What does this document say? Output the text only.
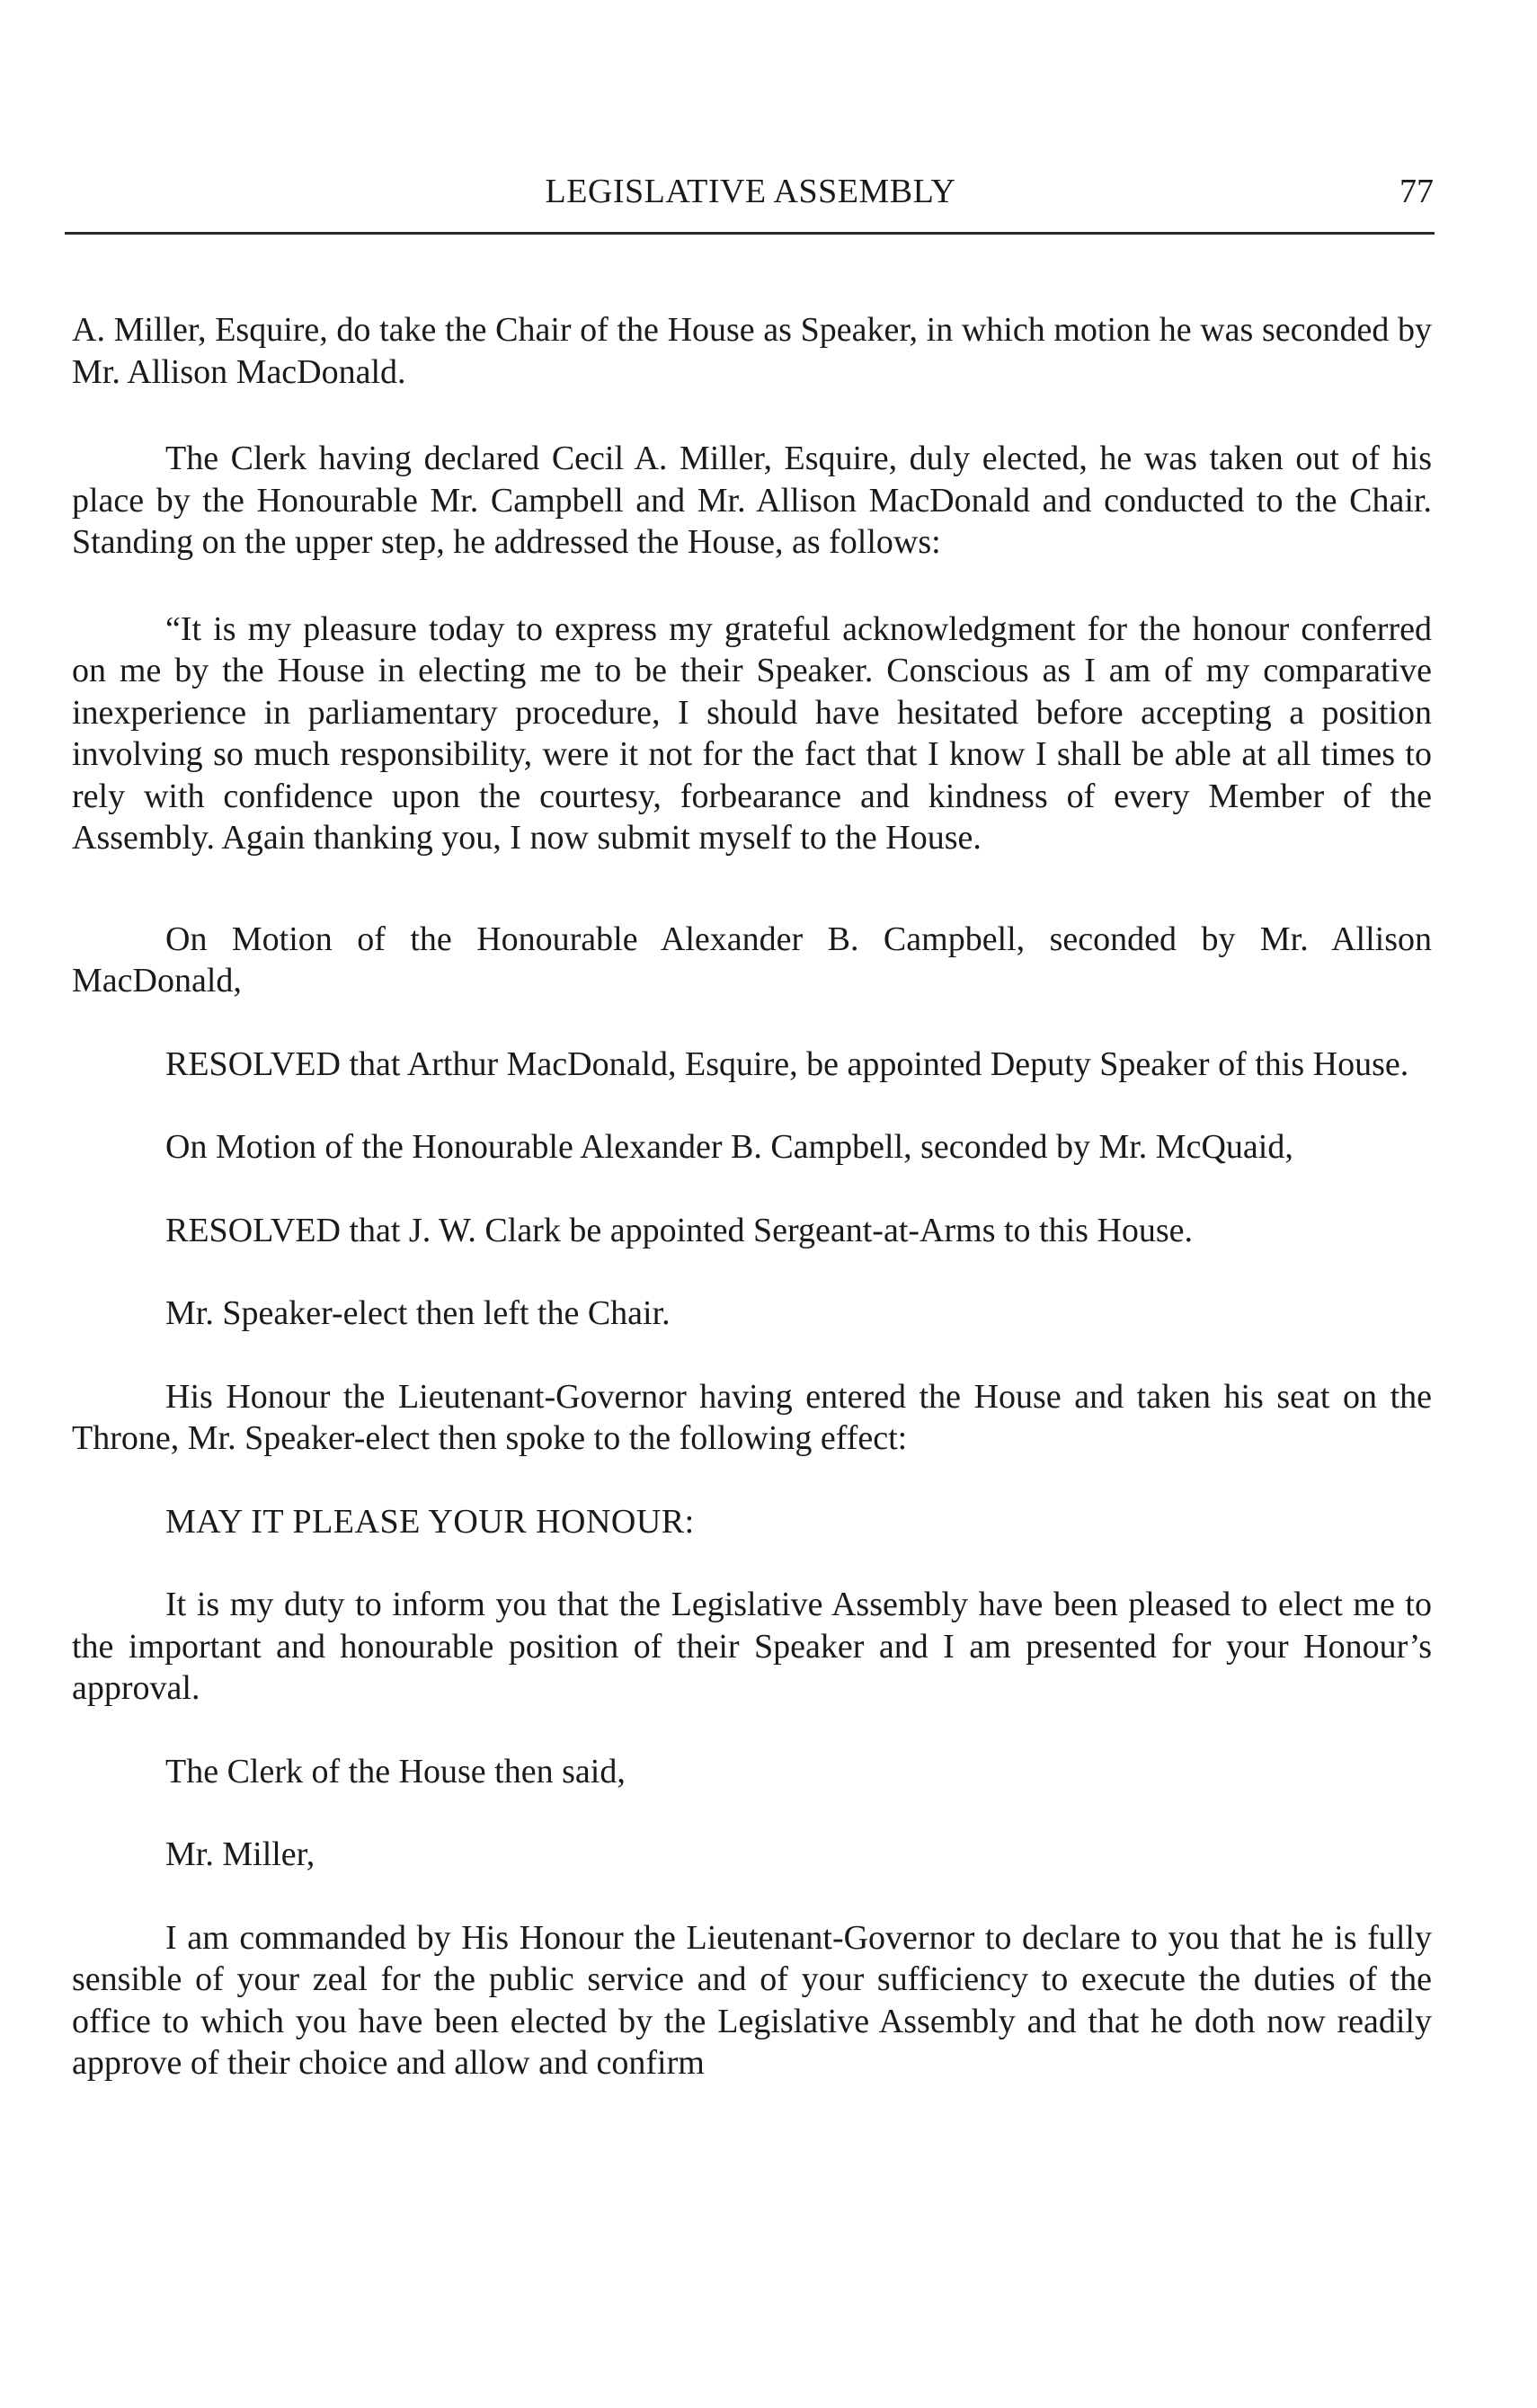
LEGISLATIVE ASSEMBLY	77

A. Miller, Esquire, do take the Chair of the House as Speaker, in which motion he was seconded by Mr. Allison MacDonald.

The Clerk having declared Cecil A. Miller, Esquire, duly elected, he was taken out of his place by the Honourable Mr. Campbell and Mr. Allison MacDonald and conducted to the Chair. Standing on the upper step, he addressed the House, as follows:

“It is my pleasure today to express my grateful acknowledgment for the honour conferred on me by the House in electing me to be their Speaker. Conscious as I am of my comparative inexperience in parliamentary procedure, I should have hesitated before accepting a position involving so much responsibility, were it not for the fact that I know I shall be able at all times to rely with confidence upon the courtesy, forbearance and kindness of every Member of the Assembly. Again thanking you, I now submit myself to the House.

On Motion of the Honourable Alexander B. Campbell, seconded by Mr. Allison MacDonald,

RESOLVED that Arthur MacDonald, Esquire, be appointed Deputy Speaker of this House.

On Motion of the Honourable Alexander B. Campbell, seconded by Mr. McQuaid,

RESOLVED that J. W. Clark be appointed Sergeant-at-Arms to this House.

Mr. Speaker-elect then left the Chair.

His Honour the Lieutenant-Governor having entered the House and taken his seat on the Throne, Mr. Speaker-elect then spoke to the following effect:

MAY IT PLEASE YOUR HONOUR:

It is my duty to inform you that the Legislative Assembly have been pleased to elect me to the important and honourable position of their Speaker and I am presented for your Honour’s approval.

The Clerk of the House then said,

Mr. Miller,

I am commanded by His Honour the Lieutenant-Governor to declare to you that he is fully sensible of your zeal for the public service and of your sufficiency to execute the duties of the office to which you have been elected by the Legislative Assembly and that he doth now readily approve of their choice and allow and confirm
